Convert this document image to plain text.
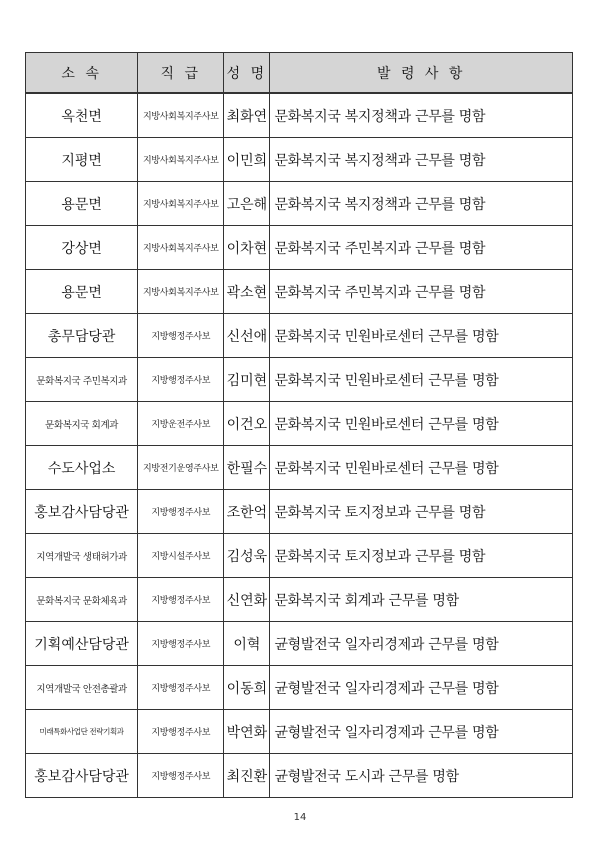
소 속	직 급	성 명	발 령 사 항
옥천면	지방사회복지주사보	최화연	문화복지국 복지정책과 근무를 명함
지평면	지방사회복지주사보	이민희	문화복지국 복지정책과 근무를 명함
용문면	지방사회복지주사보	고은해	문화복지국 복지정책과 근무를 명함
강상면	지방사회복지주사보	이차현	문화복지국 주민복지과 근무를 명함
용문면	지방사회복지주사보	곽소현	문화복지국 주민복지과 근무를 명함
총무담당관	지방행정주사보	신선애	문화복지국 민원바로센터 근무를 명함
문화복지국 주민복지과	지방행정주사보	김미현	문화복지국 민원바로센터 근무를 명함
문화복지국 회계과	지방운전주사보	이건오	문화복지국 민원바로센터 근무를 명함
수도사업소	지방전기운영주사보	한필수	문화복지국 민원바로센터 근무를 명함
홍보감사담당관	지방행정주사보	조한억	문화복지국 토지정보과 근무를 명함
지역개발국 생태허가과	지방시설주사보	김성욱	문화복지국 토지정보과 근무를 명함
문화복지국 문화체육과	지방행정주사보	신연화	문화복지국 회계과 근무를 명함
기획예산담당관	지방행정주사보	이혁	균형발전국 일자리경제과 근무를 명함
지역개발국 안전총괄과	지방행정주사보	이동희	균형발전국 일자리경제과 근무를 명함
미래특화사업단 전략기획과	지방행정주사보	박연화	균형발전국 일자리경제과 근무를 명함
홍보감사담당관	지방행정주사보	최진환	균형발전국 도시과 근무를 명함
14
